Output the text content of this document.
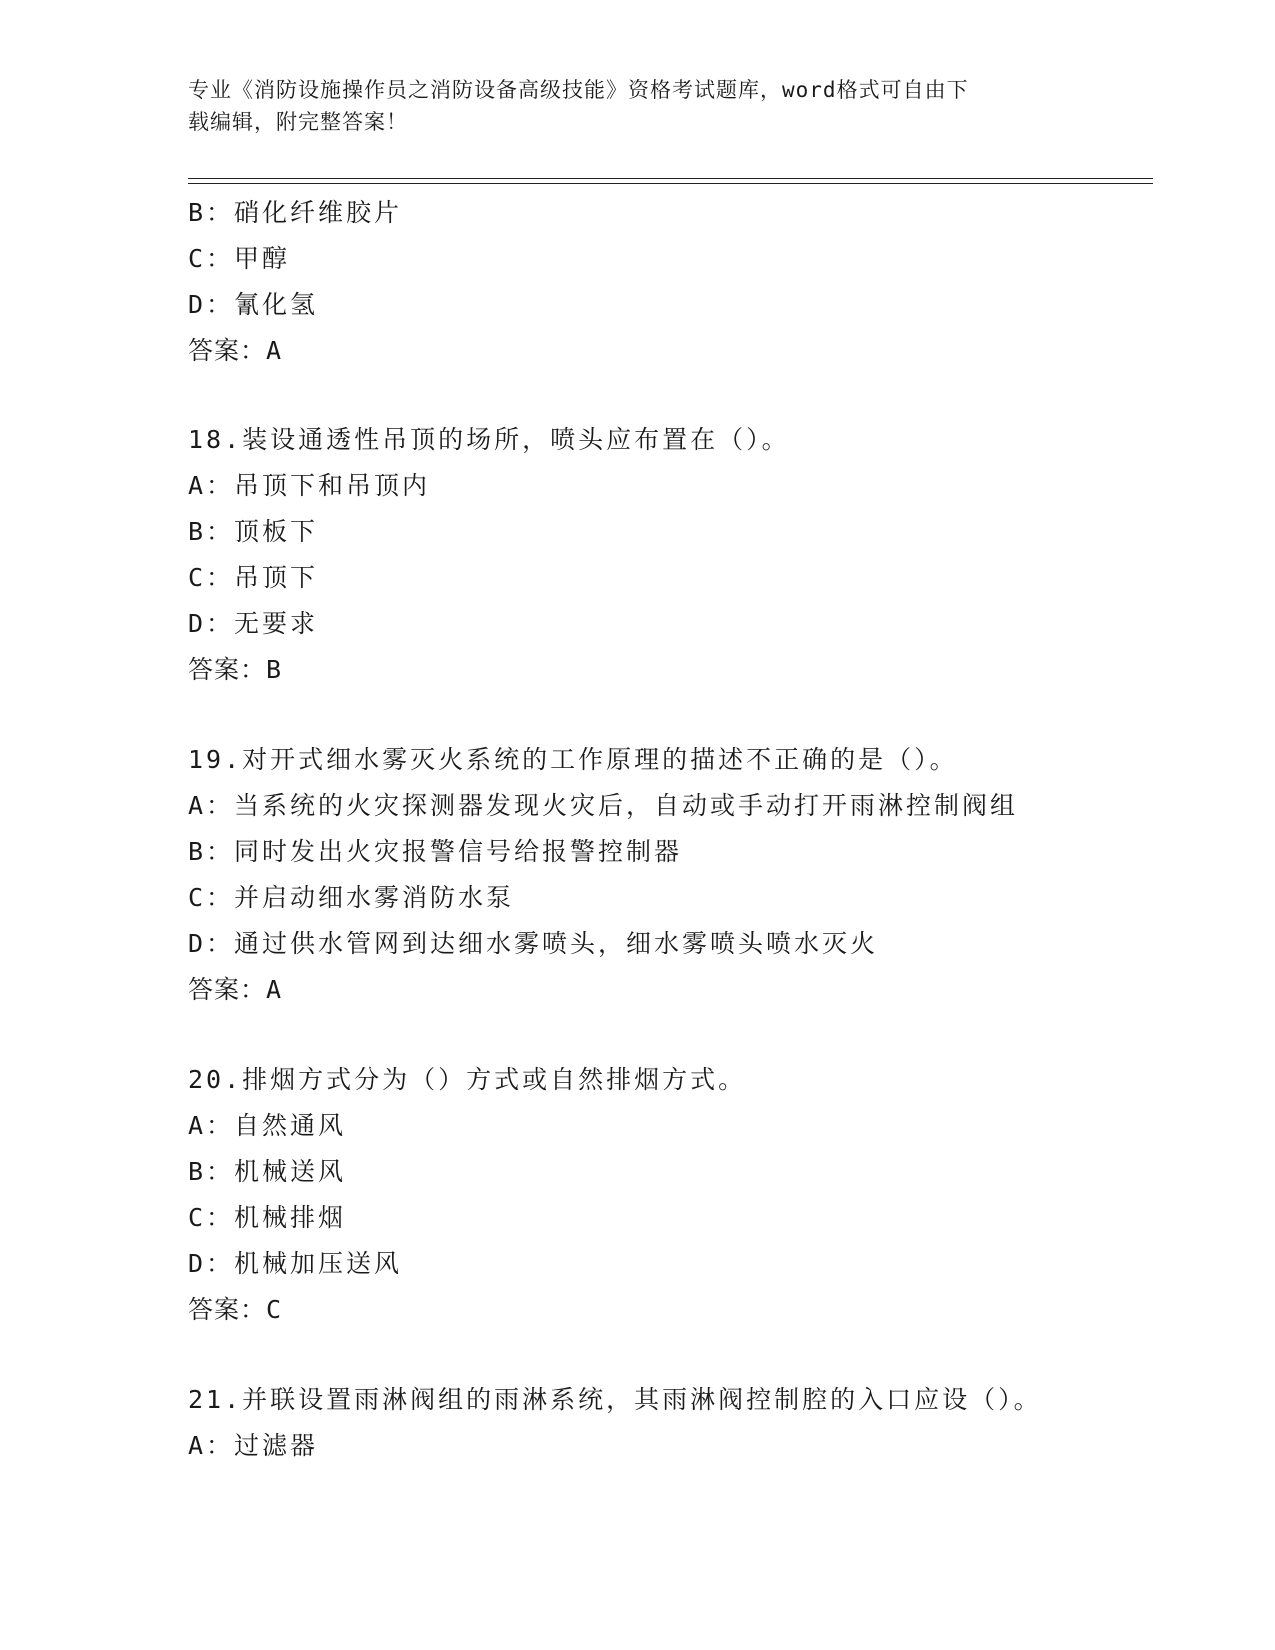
专业《消防设施操作员之消防设备高级技能》资格考试题库，word格式可自由下
载编辑，附完整答案！
B：硝化纤维胶片
C：甲醇
D：氰化氢
答案：A
18.装设通透性吊顶的场所，喷头应布置在（）。
A：吊顶下和吊顶内
B：顶板下
C：吊顶下
D：无要求
答案：B
19.对开式细水雾灭火系统的工作原理的描述不正确的是（）。
A：当系统的火灾探测器发现火灾后，自动或手动打开雨淋控制阀组
B：同时发出火灾报警信号给报警控制器
C：并启动细水雾消防水泵
D：通过供水管网到达细水雾喷头，细水雾喷头喷水灭火
答案：A
20.排烟方式分为（）方式或自然排烟方式。
A：自然通风
B：机械送风
C：机械排烟
D：机械加压送风
答案：C
21.并联设置雨淋阀组的雨淋系统，其雨淋阀控制腔的入口应设（）。
A：过滤器
